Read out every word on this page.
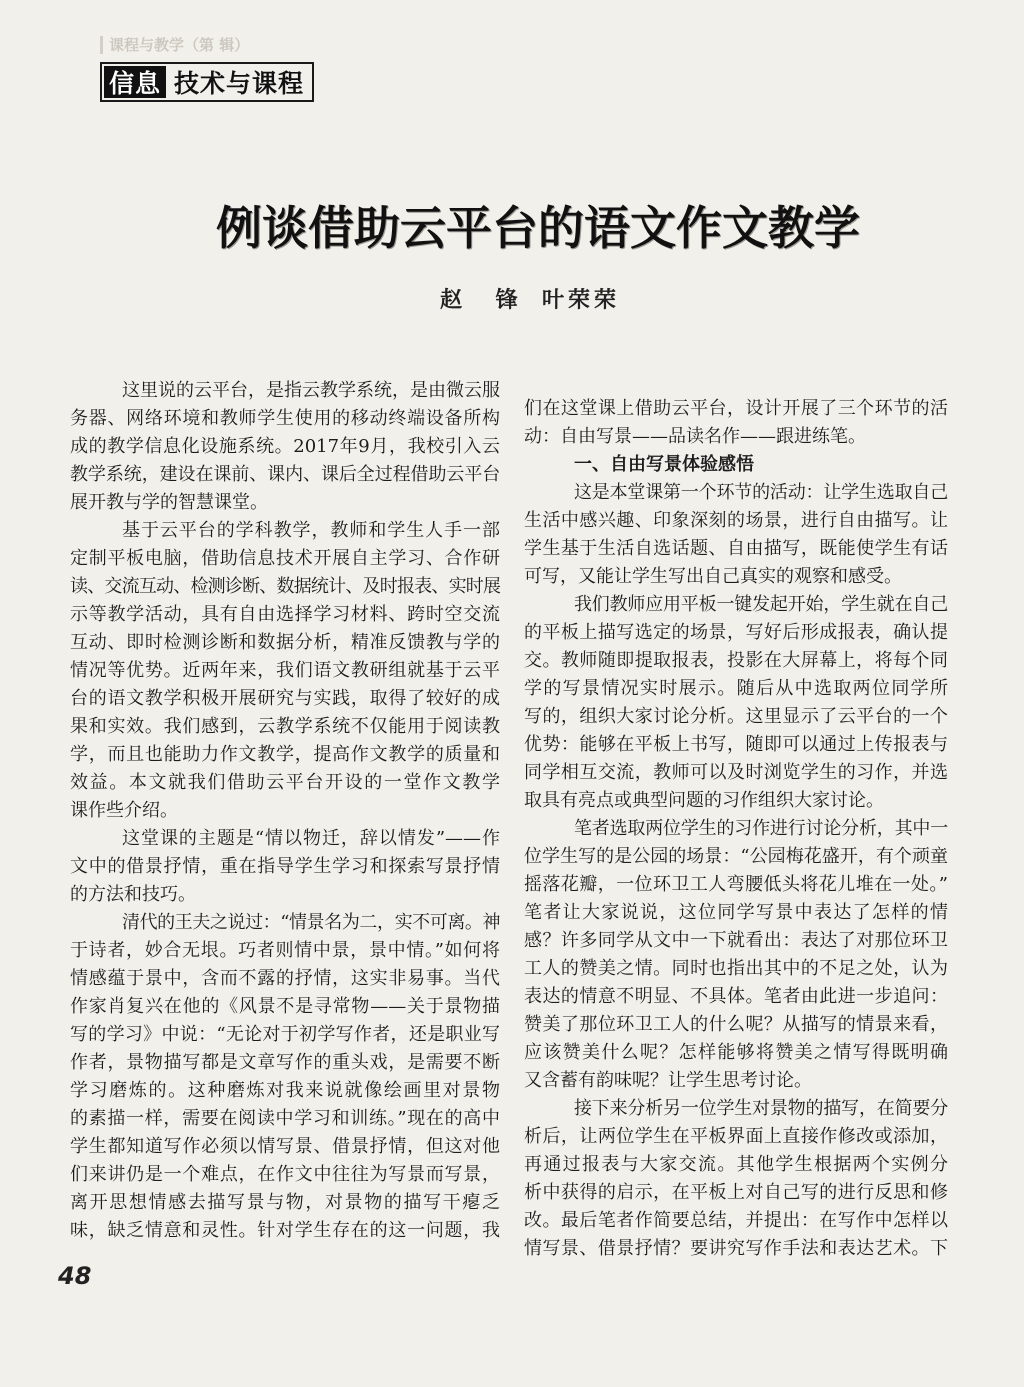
课程与教学（第 辑）
信息 技术与课程
例谈借助云平台的语文作文教学
赵 锋 叶荣荣
这里说的云平台，是指云教学系统，是由微云服
务器、网络环境和教师学生使用的移动终端设备所构
成的教学信息化设施系统。2017年9月，我校引入云
教学系统，建设在课前、课内、课后全过程借助云平台
展开教与学的智慧课堂。
基于云平台的学科教学，教师和学生人手一部
定制平板电脑，借助信息技术开展自主学习、合作研
读、交流互动、检测诊断、数据统计、及时报表、实时展
示等教学活动，具有自由选择学习材料、跨时空交流
互动、即时检测诊断和数据分析，精准反馈教与学的
情况等优势。近两年来，我们语文教研组就基于云平
台的语文教学积极开展研究与实践，取得了较好的成
果和实效。我们感到，云教学系统不仅能用于阅读教
学，而且也能助力作文教学，提高作文教学的质量和
效益。本文就我们借助云平台开设的一堂作文教学
课作些介绍。
这堂课的主题是“情以物迁，辞以情发”——作
文中的借景抒情，重在指导学生学习和探索写景抒情
的方法和技巧。
清代的王夫之说过：“情景名为二，实不可离。神
于诗者，妙合无垠。巧者则情中景，景中情。”如何将
情感蕴于景中，含而不露的抒情，这实非易事。当代
作家肖复兴在他的《风景不是寻常物——关于景物描
写的学习》中说：“无论对于初学写作者，还是职业写
作者，景物描写都是文章写作的重头戏，是需要不断
学习磨炼的。这种磨炼对我来说就像绘画里对景物
的素描一样，需要在阅读中学习和训练。”现在的高中
学生都知道写作必须以情写景、借景抒情，但这对他
们来讲仍是一个难点，在作文中往往为写景而写景，
离开思想情感去描写景与物，对景物的描写干瘪乏
味，缺乏情意和灵性。针对学生存在的这一问题，我
们在这堂课上借助云平台，设计开展了三个环节的活
动：自由写景——品读名作——跟进练笔。
一、自由写景体验感悟
这是本堂课第一个环节的活动：让学生选取自己
生活中感兴趣、印象深刻的场景，进行自由描写。让
学生基于生活自选话题、自由描写，既能使学生有话
可写，又能让学生写出自己真实的观察和感受。
我们教师应用平板一键发起开始，学生就在自己
的平板上描写选定的场景，写好后形成报表，确认提
交。教师随即提取报表，投影在大屏幕上，将每个同
学的写景情况实时展示。随后从中选取两位同学所
写的，组织大家讨论分析。这里显示了云平台的一个
优势：能够在平板上书写，随即可以通过上传报表与
同学相互交流，教师可以及时浏览学生的习作，并选
取具有亮点或典型问题的习作组织大家讨论。
笔者选取两位学生的习作进行讨论分析，其中一
位学生写的是公园的场景：“公园梅花盛开，有个顽童
摇落花瓣，一位环卫工人弯腰低头将花儿堆在一处。”
笔者让大家说说，这位同学写景中表达了怎样的情
感？许多同学从文中一下就看出：表达了对那位环卫
工人的赞美之情。同时也指出其中的不足之处，认为
表达的情意不明显、不具体。笔者由此进一步追问：
赞美了那位环卫工人的什么呢？从描写的情景来看，
应该赞美什么呢？怎样能够将赞美之情写得既明确
又含蓄有韵味呢？让学生思考讨论。
接下来分析另一位学生对景物的描写，在简要分
析后，让两位学生在平板界面上直接作修改或添加，
再通过报表与大家交流。其他学生根据两个实例分
析中获得的启示，在平板上对自己写的进行反思和修
改。最后笔者作简要总结，并提出：在写作中怎样以
情写景、借景抒情？要讲究写作手法和表达艺术。下
48
